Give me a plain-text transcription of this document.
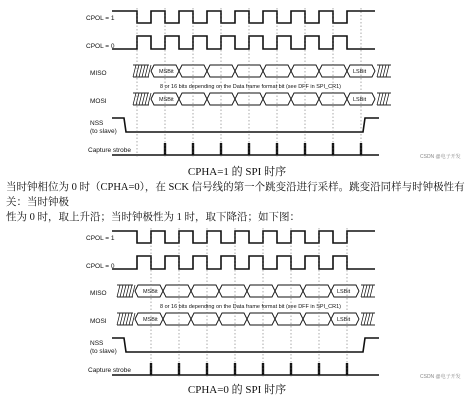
CPOL = 1
CPOL = 0
MISO
MOSI
NSS
(to slave)
Capture strobe
MSBit	LSBit
MSBit	LSBit
8 or 16 bits depending on the Data frame format bit (see DFF in SPI_CR1)
CSDN @电子开发
CPHA=1 的 SPI 时序
当时钟相位为 0 时（CPHA=0），在 SCK 信号线的第一个跳变沿进行采样。跳变沿同样与时钟极性有关：当时钟极
性为 0 时，取上升沿；当时钟极性为 1 时，取下降沿；如下图：
CPOL = 1
CPOL = 0
MISO
MOSI
NSS
(to slave)
Capture strobe
MSBit	LSBit
MSBit	LSBit
8 or 16 bits depending on the Data frame format bit (see DFF in SPI_CR1)
CSDN @电子开发
CPHA=0 的 SPI 时序
